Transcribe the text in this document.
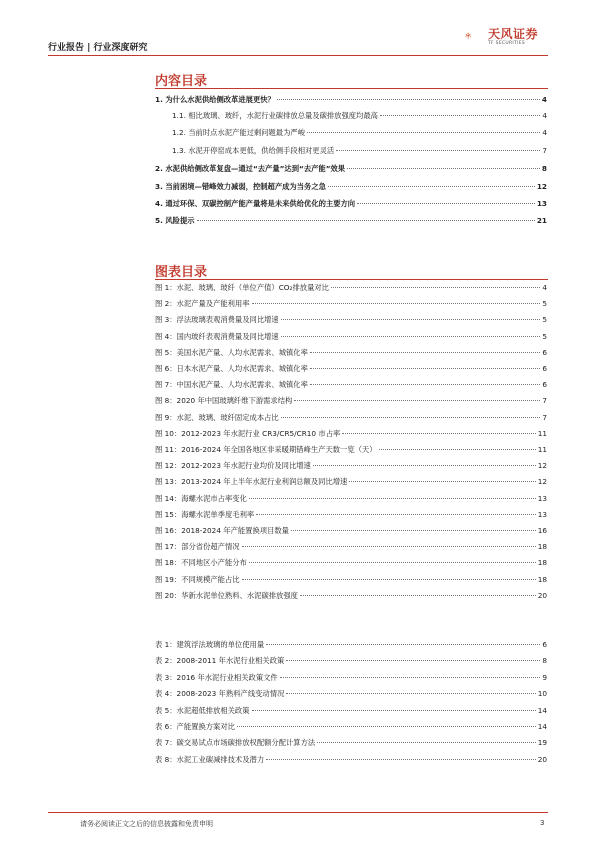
行业报告 | 行业深度研究
天风证券
TF SECURITIES
内容目录
1. 为什么水泥供给侧改革进展更快？	4
1.1. 相比玻璃、玻纤，水泥行业碳排放总量及碳排放强度均最高	4
1.2. 当前时点水泥产能过剩问题最为严峻	4
1.3. 水泥开停窑成本更低，供给侧手段相对更灵活	7
2. 水泥供给侧改革复盘—通过“去产量”达到“去产能”效果	8
3. 当前困境—错峰效力减弱，控制超产成为当务之急	12
4. 通过环保、双碳控制产能产量将是未来供给优化的主要方向	13
5. 风险提示	21
图表目录
图 1：水泥、玻璃、玻纤（单位产值）CO₂排放量对比	4
图 2：水泥产量及产能利用率	5
图 3：浮法玻璃表观消费量及同比增速	5
图 4：国内玻纤表观消费量及同比增速	5
图 5：美国水泥产量、人均水泥需求、城镇化率	6
图 6：日本水泥产量、人均水泥需求、城镇化率	6
图 7：中国水泥产量、人均水泥需求、城镇化率	6
图 8：2020 年中国玻璃纤维下游需求结构	7
图 9：水泥、玻璃、玻纤固定成本占比	7
图 10：2012-2023 年水泥行业 CR3/CR5/CR10 市占率	11
图 11：2016-2024 年全国各地区非采暖期错峰生产天数一览（天）	11
图 12：2012-2023 年水泥行业均价及同比增速	12
图 13：2013-2024 年上半年水泥行业利润总额及同比增速	12
图 14：海螺水泥市占率变化	13
图 15：海螺水泥单季度毛利率	13
图 16：2018-2024 年产能置换项目数量	16
图 17：部分省份超产情况	18
图 18：不同地区小产能分布	18
图 19：不同规模产能占比	18
图 20：华新水泥单位熟料、水泥碳排放强度	20
表 1：建筑浮法玻璃的单位使用量	6
表 2：2008-2011 年水泥行业相关政策	8
表 3：2016 年水泥行业相关政策文件	9
表 4：2008-2023 年熟料产线变动情况	10
表 5：水泥超低排放相关政策	14
表 6：产能置换方案对比	14
表 7：碳交易试点市场碳排放权配额分配计算方法	19
表 8：水泥工业碳减排技术及潜力	20
请务必阅读正文之后的信息披露和免责申明	3
